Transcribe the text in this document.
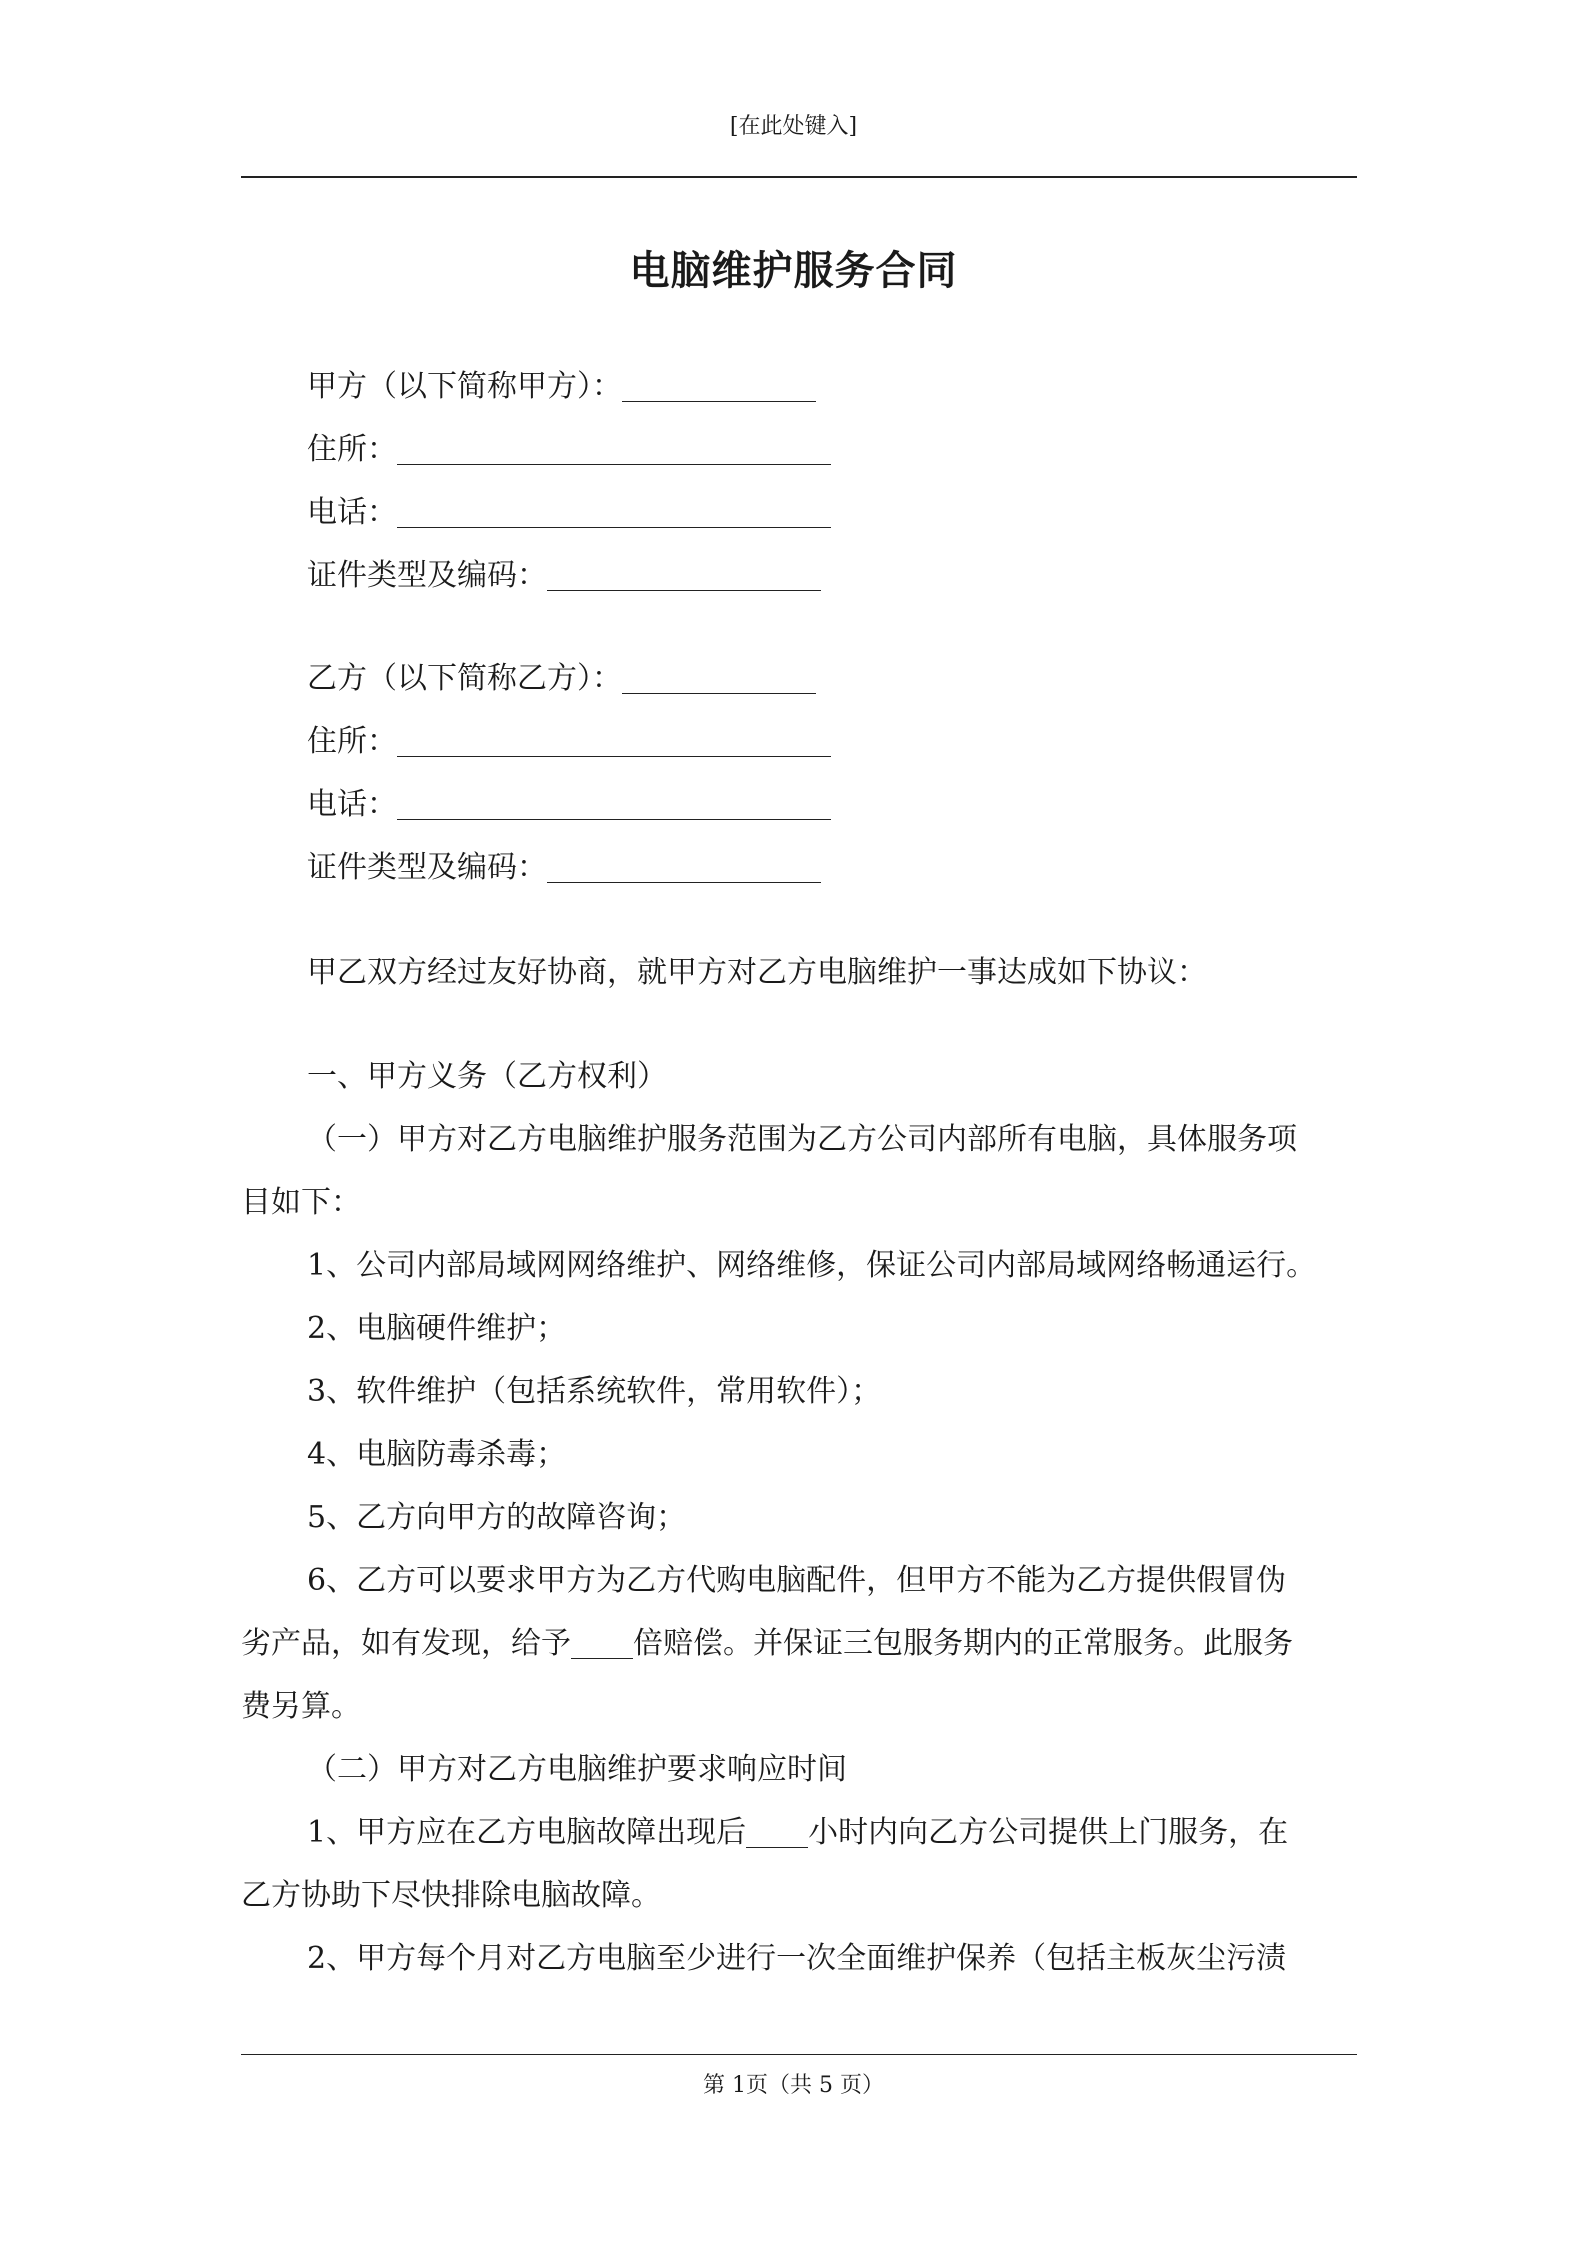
[在此处键入]
电脑维护服务合同
甲方（以下简称甲方）：
住所：
电话：
证件类型及编码：
乙方（以下简称乙方）：
住所：
电话：
证件类型及编码：
甲乙双方经过友好协商，就甲方对乙方电脑维护一事达成如下协议：
一、甲方义务（乙方权利）
（一）甲方对乙方电脑维护服务范围为乙方公司内部所有电脑，具体服务项
目如下：
1、公司内部局域网网络维护、网络维修，保证公司内部局域网络畅通运行。
2、电脑硬件维护；
3、软件维护（包括系统软件，常用软件）；
4、电脑防毒杀毒；
5、乙方向甲方的故障咨询；
6、乙方可以要求甲方为乙方代购电脑配件，但甲方不能为乙方提供假冒伪
劣产品，如有发现，给予 倍赔偿。并保证三包服务期内的正常服务。此服务
费另算。
（二）甲方对乙方电脑维护要求响应时间
1、甲方应在乙方电脑故障出现后 小时内向乙方公司提供上门服务，在
乙方协助下尽快排除电脑故障。
2、甲方每个月对乙方电脑至少进行一次全面维护保养（包括主板灰尘污渍
第 1页（共 5 页）
